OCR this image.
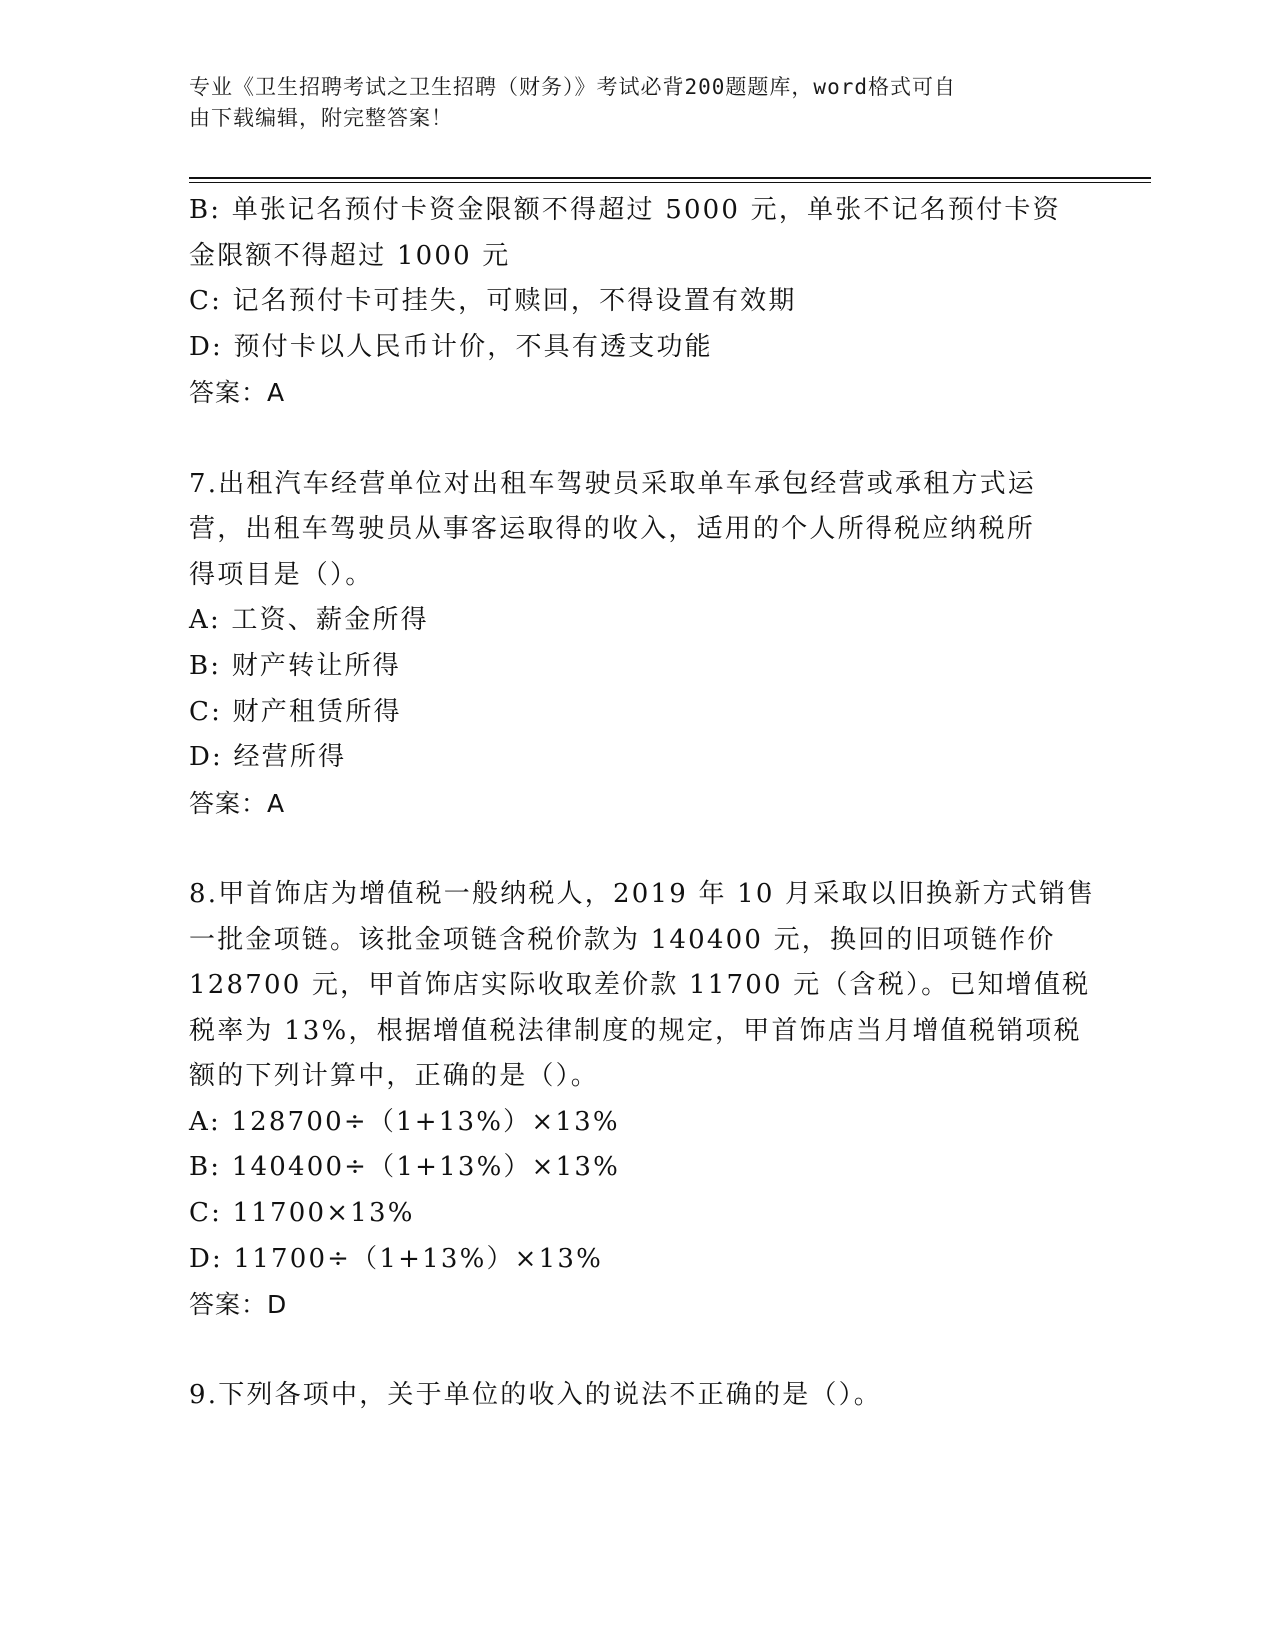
专业《卫生招聘考试之卫生招聘（财务）》考试必背200题题库，word格式可自
由下载编辑，附完整答案！
B: 单张记名预付卡资金限额不得超过 5000 元，单张不记名预付卡资
金限额不得超过 1000 元
C: 记名预付卡可挂失，可赎回，不得设置有效期
D: 预付卡以人民币计价，不具有透支功能
答案：A
7.出租汽车经营单位对出租车驾驶员采取单车承包经营或承租方式运
营，出租车驾驶员从事客运取得的收入，适用的个人所得税应纳税所
得项目是（）。
A: 工资、薪金所得
B: 财产转让所得
C: 财产租赁所得
D: 经营所得
答案：A
8.甲首饰店为增值税一般纳税人，2019 年 10 月采取以旧换新方式销售
一批金项链。该批金项链含税价款为 140400 元，换回的旧项链作价
128700 元，甲首饰店实际收取差价款 11700 元（含税）。已知增值税
税率为 13%，根据增值税法律制度的规定，甲首饰店当月增值税销项税
额的下列计算中，正确的是（）。
A: 128700÷（1+13%）×13%
B: 140400÷（1+13%）×13%
C: 11700×13%
D: 11700÷（1+13%）×13%
答案：D
9.下列各项中，关于单位的收入的说法不正确的是（）。
